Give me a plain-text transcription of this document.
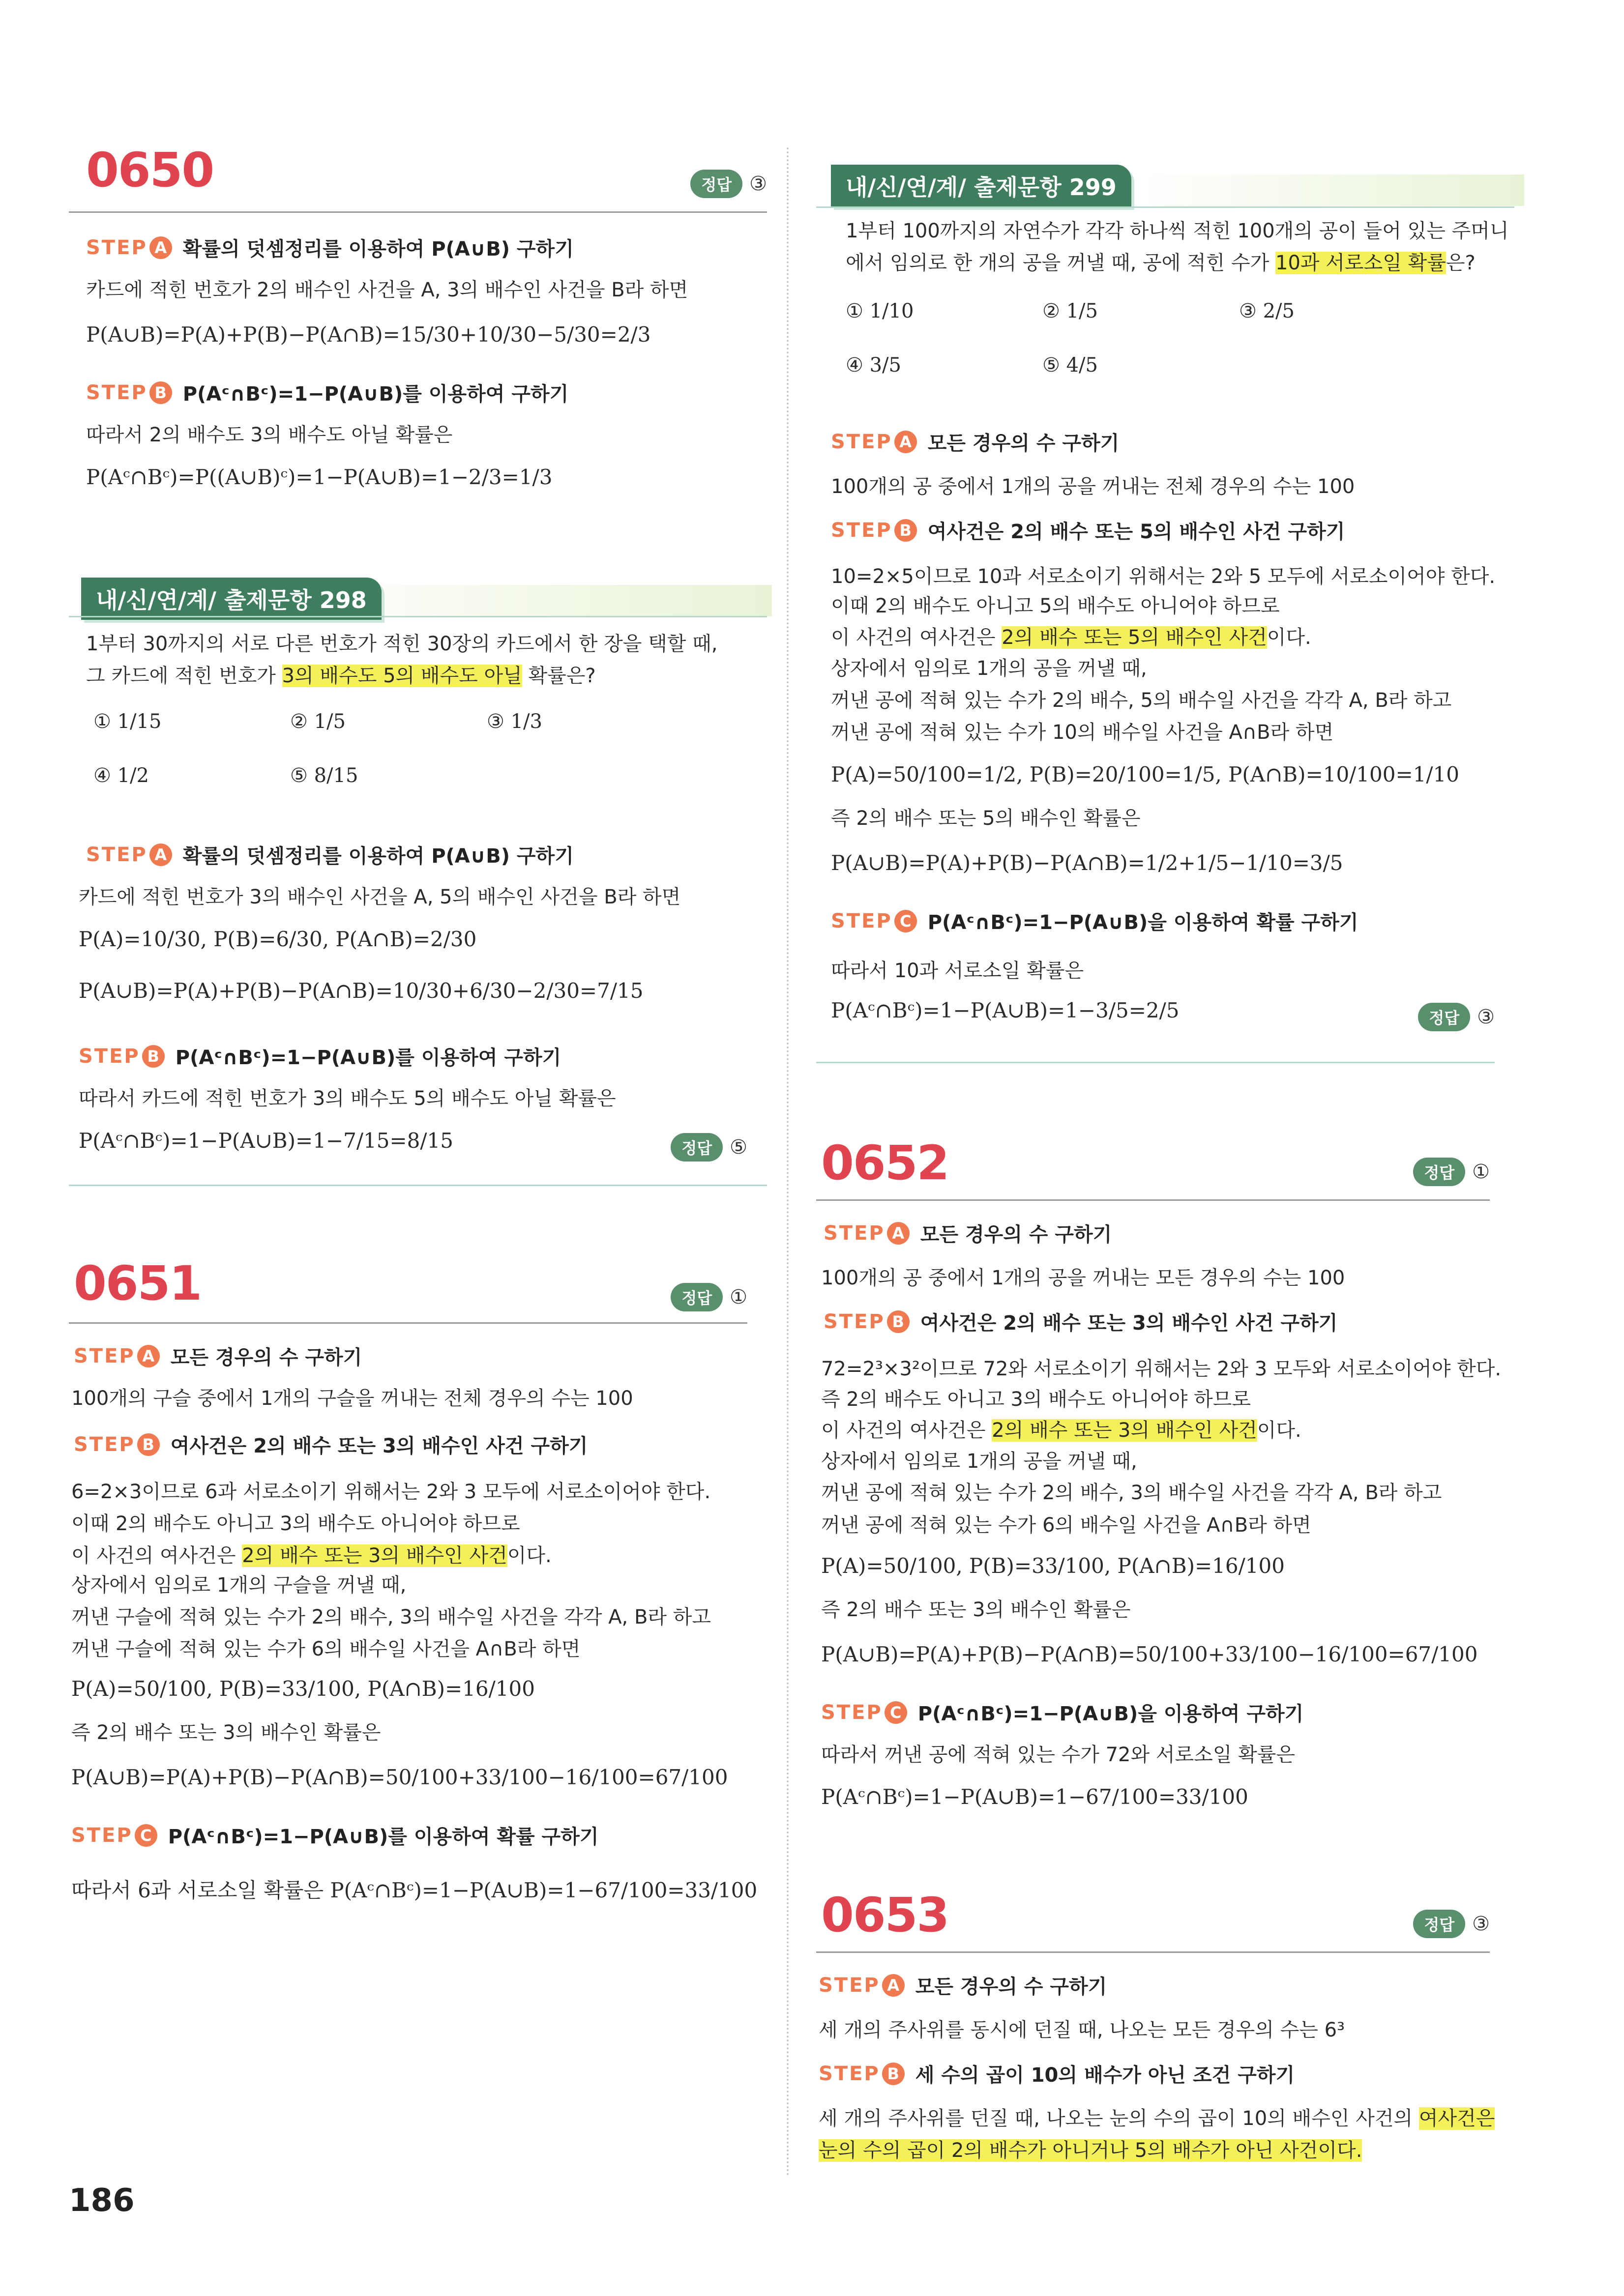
0650	정답 ③
STEP A 확률의 덧셈정리를 이용하여 P(A∪B) 구하기
카드에 적힌 번호가 2의 배수인 사건을 A, 3의 배수인 사건을 B라 하면
P(A∪B)=P(A)+P(B)−P(A∩B)=15/30+10/30−5/30=2/3
STEP B P(Aᶜ∩Bᶜ)=1−P(A∪B)를 이용하여 구하기
따라서 2의 배수도 3의 배수도 아닐 확률은
P(Aᶜ∩Bᶜ)=P((A∪B)ᶜ)=1−P(A∪B)=1−2/3=1/3
내/신/연/계/ 출제문항 298
1부터 30까지의 서로 다른 번호가 적힌 30장의 카드에서 한 장을 택할 때,
그 카드에 적힌 번호가 3의 배수도 5의 배수도 아닐 확률은?
① 1/15	② 1/5	③ 1/3
④ 1/2	⑤ 8/15
STEP A 확률의 덧셈정리를 이용하여 P(A∪B) 구하기
카드에 적힌 번호가 3의 배수인 사건을 A, 5의 배수인 사건을 B라 하면
P(A)=10/30, P(B)=6/30, P(A∩B)=2/30
P(A∪B)=P(A)+P(B)−P(A∩B)=10/30+6/30−2/30=7/15
STEP B P(Aᶜ∩Bᶜ)=1−P(A∪B)를 이용하여 구하기
따라서 카드에 적힌 번호가 3의 배수도 5의 배수도 아닐 확률은
P(Aᶜ∩Bᶜ)=1−P(A∪B)=1−7/15=8/15	정답 ⑤
0651	정답 ①
STEP A 모든 경우의 수 구하기
100개의 구슬 중에서 1개의 구슬을 꺼내는 전체 경우의 수는 100
STEP B 여사건은 2의 배수 또는 3의 배수인 사건 구하기
6=2×3이므로 6과 서로소이기 위해서는 2와 3 모두에 서로소이어야 한다.
이때 2의 배수도 아니고 3의 배수도 아니어야 하므로
이 사건의 여사건은 2의 배수 또는 3의 배수인 사건이다.
상자에서 임의로 1개의 구슬을 꺼낼 때,
꺼낸 구슬에 적혀 있는 수가 2의 배수, 3의 배수일 사건을 각각 A, B라 하고
꺼낸 구슬에 적혀 있는 수가 6의 배수일 사건을 A∩B라 하면
P(A)=50/100, P(B)=33/100, P(A∩B)=16/100
즉 2의 배수 또는 3의 배수인 확률은
P(A∪B)=P(A)+P(B)−P(A∩B)=50/100+33/100−16/100=67/100
STEP C P(Aᶜ∩Bᶜ)=1−P(A∪B)를 이용하여 확률 구하기
따라서 6과 서로소일 확률은 P(Aᶜ∩Bᶜ)=1−P(A∪B)=1−67/100=33/100
내/신/연/계/ 출제문항 299
1부터 100까지의 자연수가 각각 하나씩 적힌 100개의 공이 들어 있는 주머니
에서 임의로 한 개의 공을 꺼낼 때, 공에 적힌 수가 10과 서로소일 확률은?
① 1/10	② 1/5	③ 2/5
④ 3/5	⑤ 4/5
STEP A 모든 경우의 수 구하기
100개의 공 중에서 1개의 공을 꺼내는 전체 경우의 수는 100
STEP B 여사건은 2의 배수 또는 5의 배수인 사건 구하기
10=2×5이므로 10과 서로소이기 위해서는 2와 5 모두에 서로소이어야 한다.
이때 2의 배수도 아니고 5의 배수도 아니어야 하므로
이 사건의 여사건은 2의 배수 또는 5의 배수인 사건이다.
상자에서 임의로 1개의 공을 꺼낼 때,
꺼낸 공에 적혀 있는 수가 2의 배수, 5의 배수일 사건을 각각 A, B라 하고
꺼낸 공에 적혀 있는 수가 10의 배수일 사건을 A∩B라 하면
P(A)=50/100=1/2, P(B)=20/100=1/5, P(A∩B)=10/100=1/10
즉 2의 배수 또는 5의 배수인 확률은
P(A∪B)=P(A)+P(B)−P(A∩B)=1/2+1/5−1/10=3/5
STEP C P(Aᶜ∩Bᶜ)=1−P(A∪B)을 이용하여 확률 구하기
따라서 10과 서로소일 확률은
P(Aᶜ∩Bᶜ)=1−P(A∪B)=1−3/5=2/5	정답 ③
0652	정답 ①
STEP A 모든 경우의 수 구하기
100개의 공 중에서 1개의 공을 꺼내는 모든 경우의 수는 100
STEP B 여사건은 2의 배수 또는 3의 배수인 사건 구하기
72=2³×3²이므로 72와 서로소이기 위해서는 2와 3 모두와 서로소이어야 한다.
즉 2의 배수도 아니고 3의 배수도 아니어야 하므로
이 사건의 여사건은 2의 배수 또는 3의 배수인 사건이다.
상자에서 임의로 1개의 공을 꺼낼 때,
꺼낸 공에 적혀 있는 수가 2의 배수, 3의 배수일 사건을 각각 A, B라 하고
꺼낸 공에 적혀 있는 수가 6의 배수일 사건을 A∩B라 하면
P(A)=50/100, P(B)=33/100, P(A∩B)=16/100
즉 2의 배수 또는 3의 배수인 확률은
P(A∪B)=P(A)+P(B)−P(A∩B)=50/100+33/100−16/100=67/100
STEP C P(Aᶜ∩Bᶜ)=1−P(A∪B)을 이용하여 구하기
따라서 꺼낸 공에 적혀 있는 수가 72와 서로소일 확률은
P(Aᶜ∩Bᶜ)=1−P(A∪B)=1−67/100=33/100
0653	정답 ③
STEP A 모든 경우의 수 구하기
세 개의 주사위를 동시에 던질 때, 나오는 모든 경우의 수는 6³
STEP B 세 수의 곱이 10의 배수가 아닌 조건 구하기
세 개의 주사위를 던질 때, 나오는 눈의 수의 곱이 10의 배수인 사건의 여사건은
눈의 수의 곱이 2의 배수가 아니거나 5의 배수가 아닌 사건이다.
186
